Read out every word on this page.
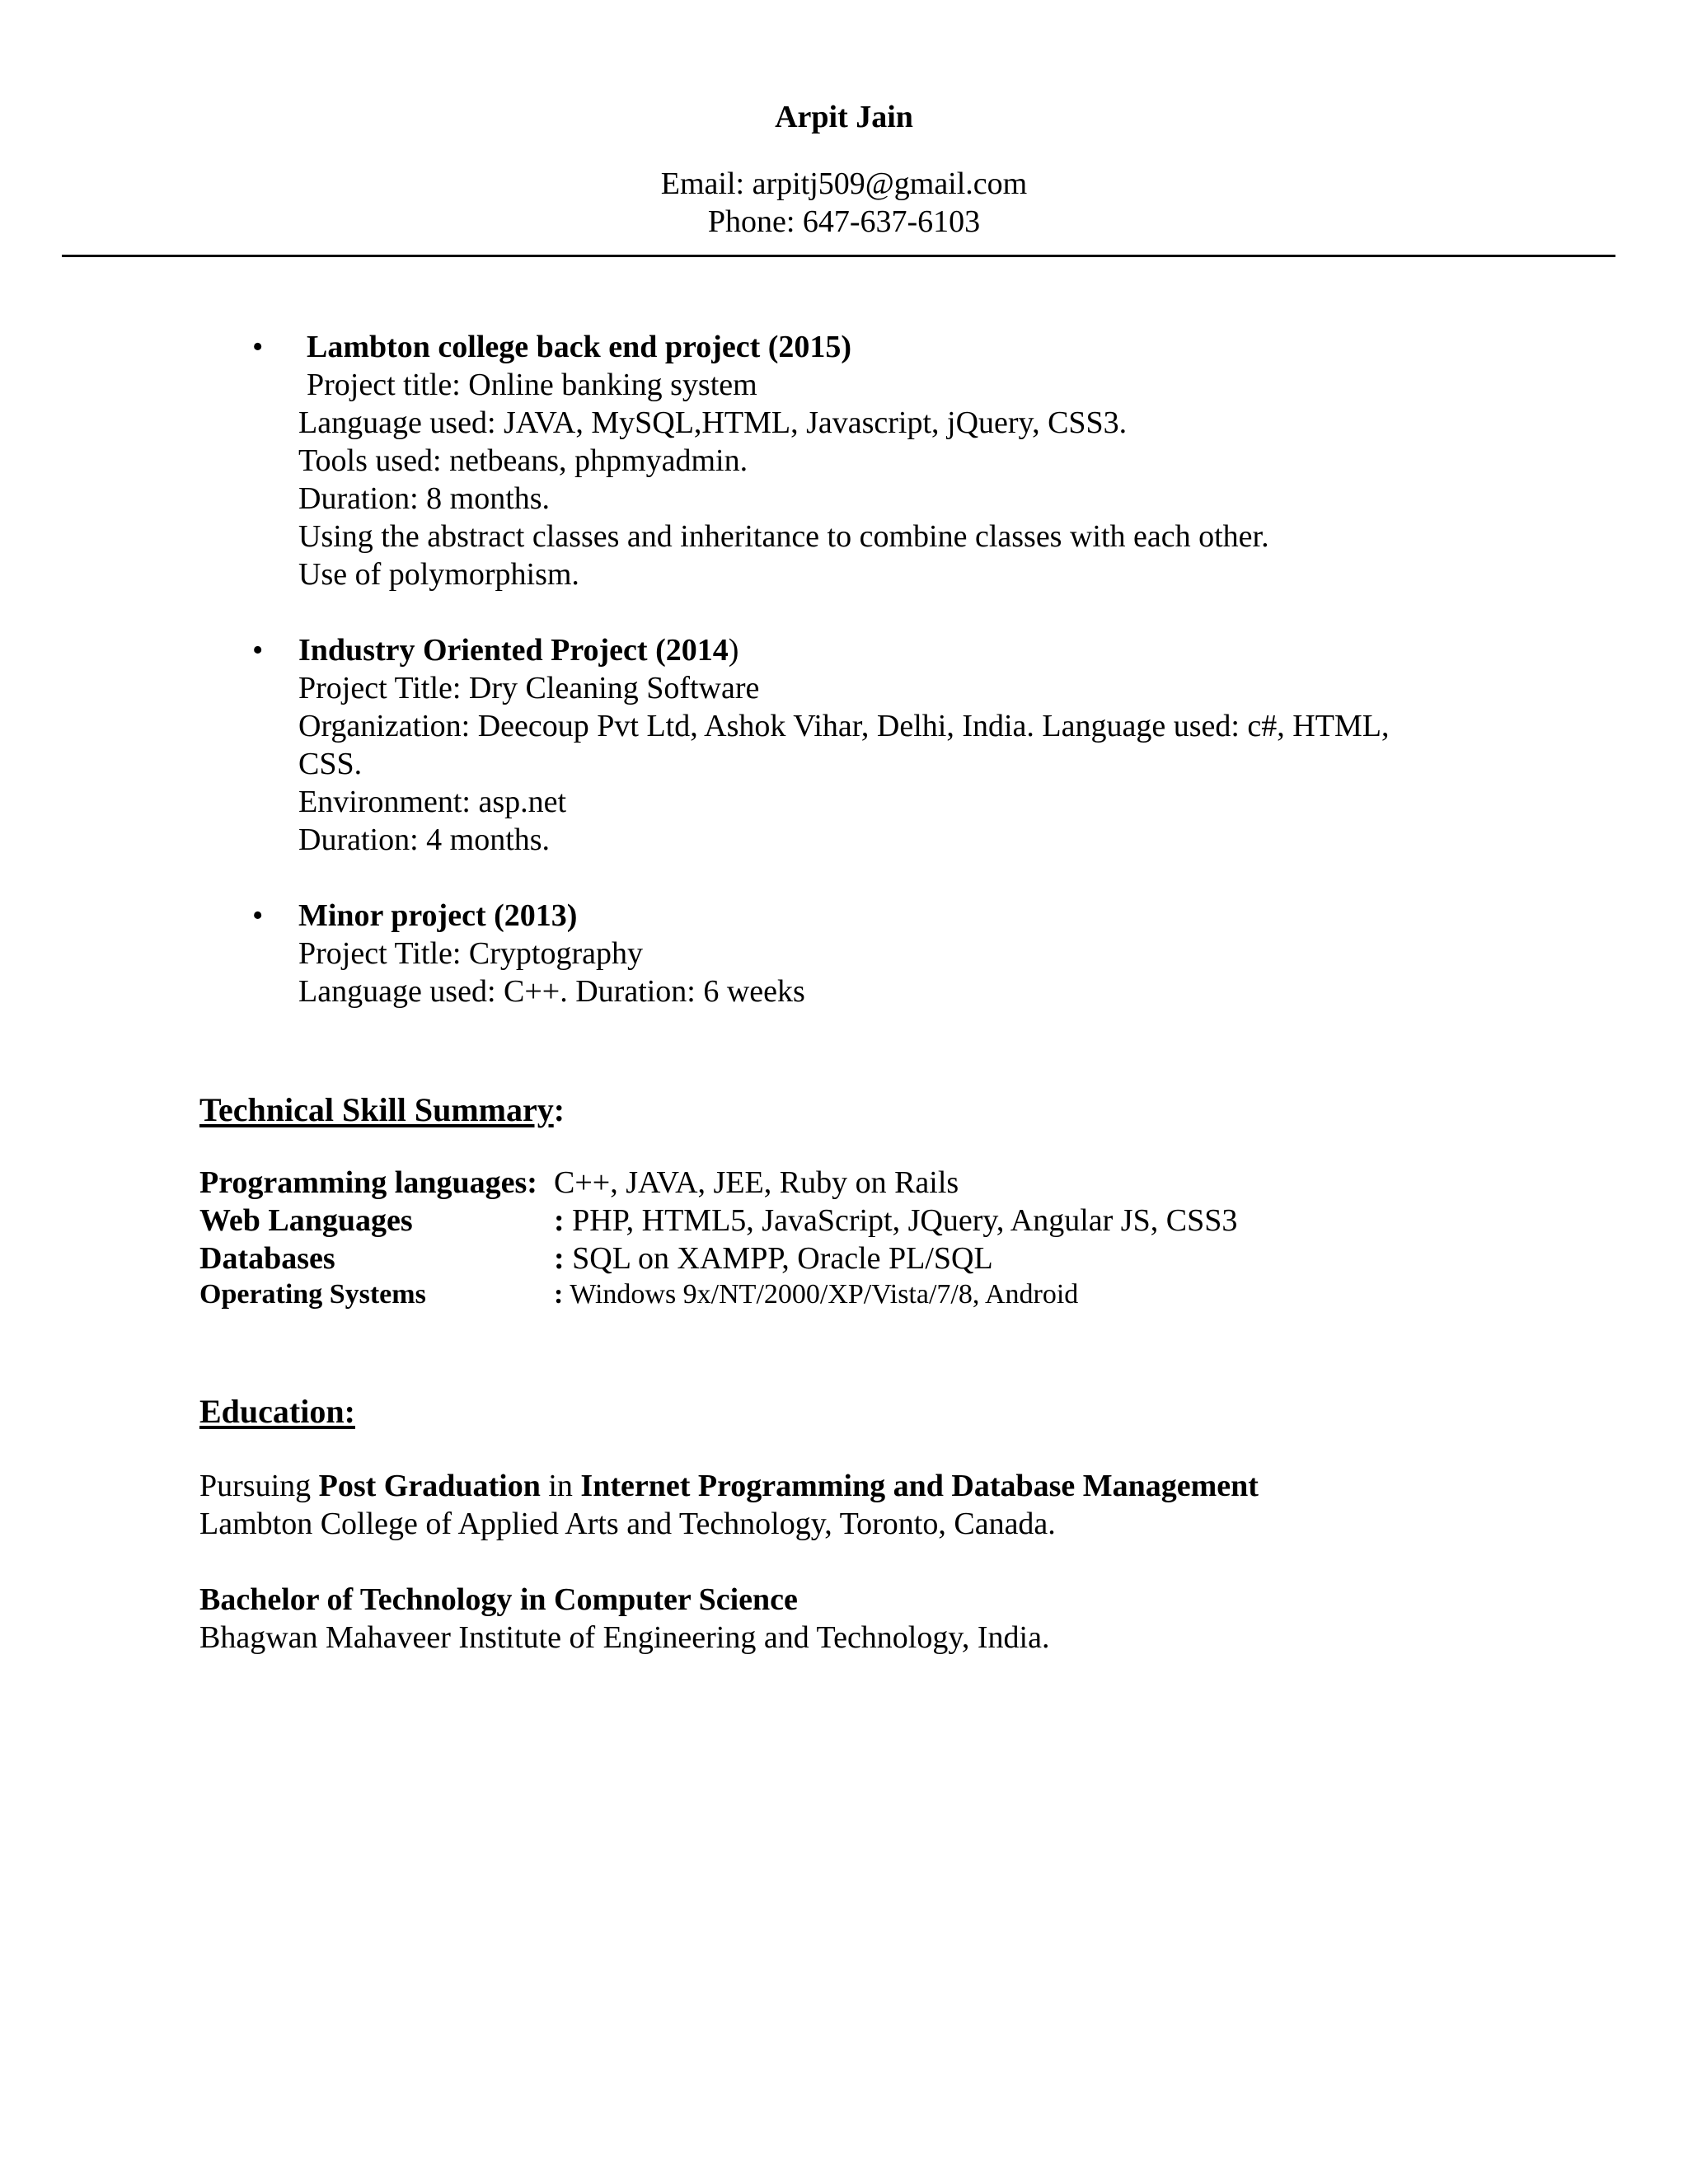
Arpit Jain
Email: arpitj509@gmail.com
Phone: 647-637-6103
• Lambton college back end project (2015)
Project title: Online banking system
Language used: JAVA, MySQL,HTML, Javascript, jQuery, CSS3.
Tools used: netbeans, phpmyadmin.
Duration: 8 months.
Using the abstract classes and inheritance to combine classes with each other.
Use of polymorphism.
• Industry Oriented Project (2014)
Project Title: Dry Cleaning Software
Organization: Deecoup Pvt Ltd, Ashok Vihar, Delhi, India. Language used: c#, HTML,
CSS.
Environment: asp.net
Duration: 4 months.
• Minor project (2013)
Project Title: Cryptography
Language used: C++. Duration: 6 weeks
Technical Skill Summary:
Programming languages: C++, JAVA, JEE, Ruby on Rails
Web Languages	: PHP, HTML5, JavaScript, JQuery, Angular JS, CSS3
Databases	: SQL on XAMPP, Oracle PL/SQL
Operating Systems	: Windows 9x/NT/2000/XP/Vista/7/8, Android
Education:
Pursuing Post Graduation in Internet Programming and Database Management
Lambton College of Applied Arts and Technology, Toronto, Canada.
Bachelor of Technology in Computer Science
Bhagwan Mahaveer Institute of Engineering and Technology, India.
